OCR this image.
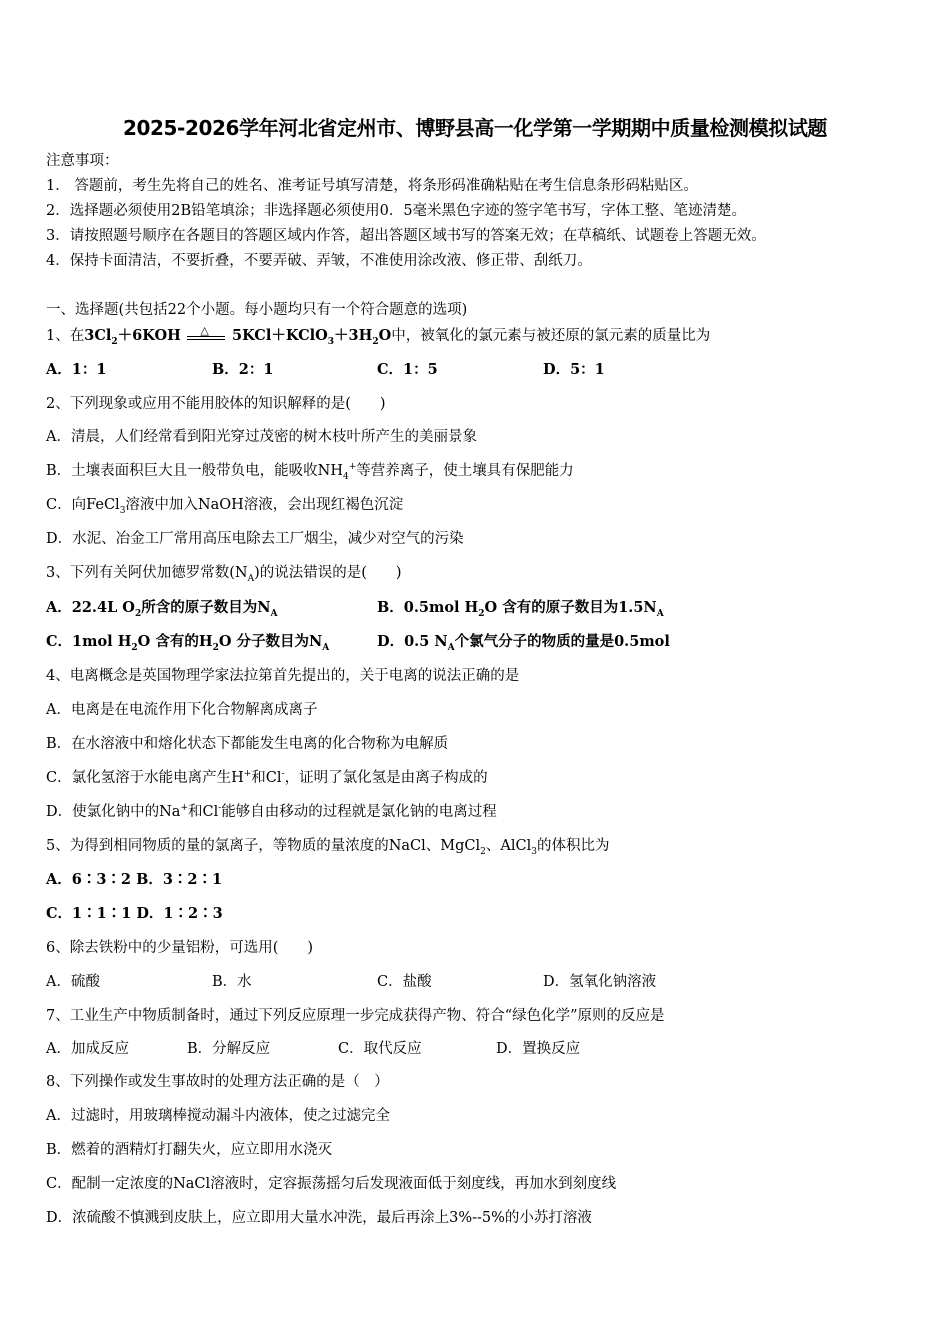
2025-2026学年河北省定州市、博野县高一化学第一学期期中质量检测模拟试题
注意事项：
1． 答题前，考生先将自己的姓名、准考证号填写清楚，将条形码准确粘贴在考生信息条形码粘贴区。
2．选择题必须使用2B铅笔填涂；非选择题必须使用0．5毫米黑色字迹的签字笔书写，字体工整、笔迹清楚。
3．请按照题号顺序在各题目的答题区域内作答，超出答题区域书写的答案无效；在草稿纸、试题卷上答题无效。
4．保持卡面清洁，不要折叠，不要弄破、弄皱，不准使用涂改液、修正带、刮纸刀。
一、选择题(共包括22个小题。每小题均只有一个符合题意的选项)
1、在$3Cl_2+6KOH$ △ $5KCl+KClO_3+3H_2O$中，被氧化的氯元素与被还原的氯元素的质量比为
A．1：1	B．2：1	C．1：5	D．5：1
2、下列现象或应用不能用胶体的知识解释的是(　　)
A．清晨，人们经常看到阳光穿过茂密的树木枝叶所产生的美丽景象
B．土壤表面积巨大且一般带负电，能吸收$NH_4^+$等营养离子，使土壤具有保肥能力
C．向FeCl$_3$溶液中加入NaOH溶液，会出现红褐色沉淀
D．水泥、冶金工厂常用高压电除去工厂烟尘，减少对空气的污染
3、下列有关阿伏加德罗常数$(N_A)$的说法错误的是(　　)
A．22.4L $O_2$所含的原子数目为$N_A$	B．0.5mol $H_2O$ 含有的原子数目为$1.5N_A$
C．1mol $H_2O$ 含有的$H_2O$ 分子数目为$N_A$	D．0.5 $N_A$个氯气分子的物质的量是0.5mol
4、电离概念是英国物理学家法拉第首先提出的，关于电离的说法正确的是
A．电离是在电流作用下化合物解离成离子
B．在水溶液中和熔化状态下都能发生电离的化合物称为电解质
C．氯化氢溶于水能电离产生H+和Cl-，证明了氯化氢是由离子构成的
D．使氯化钠中的Na+和Cl-能够自由移动的过程就是氯化钠的电离过程
5、为得到相同物质的量的氯离子，等物质的量浓度的NaCl、MgCl$_2$、AlCl$_3$的体积比为
A．6∶3∶2 B．3∶2∶1
C．1∶1∶1 D．1∶2∶3
6、除去铁粉中的少量铝粉，可选用(　　)
A．硫酸	B．水	C．盐酸	D．氢氧化钠溶液
7、工业生产中物质制备时，通过下列反应原理一步完成获得产物、符合“绿色化学”原则的反应是
A．加成反应	B．分解反应	C．取代反应	D．置换反应
8、下列操作或发生事故时的处理方法正确的是（　）
A．过滤时，用玻璃棒搅动漏斗内液体，使之过滤完全
B．燃着的酒精灯打翻失火，应立即用水浇灭
C．配制一定浓度的NaCl溶液时，定容振荡摇匀后发现液面低于刻度线，再加水到刻度线
D．浓硫酸不慎溅到皮肤上，应立即用大量水冲洗，最后再涂上3%--5%的小苏打溶液
